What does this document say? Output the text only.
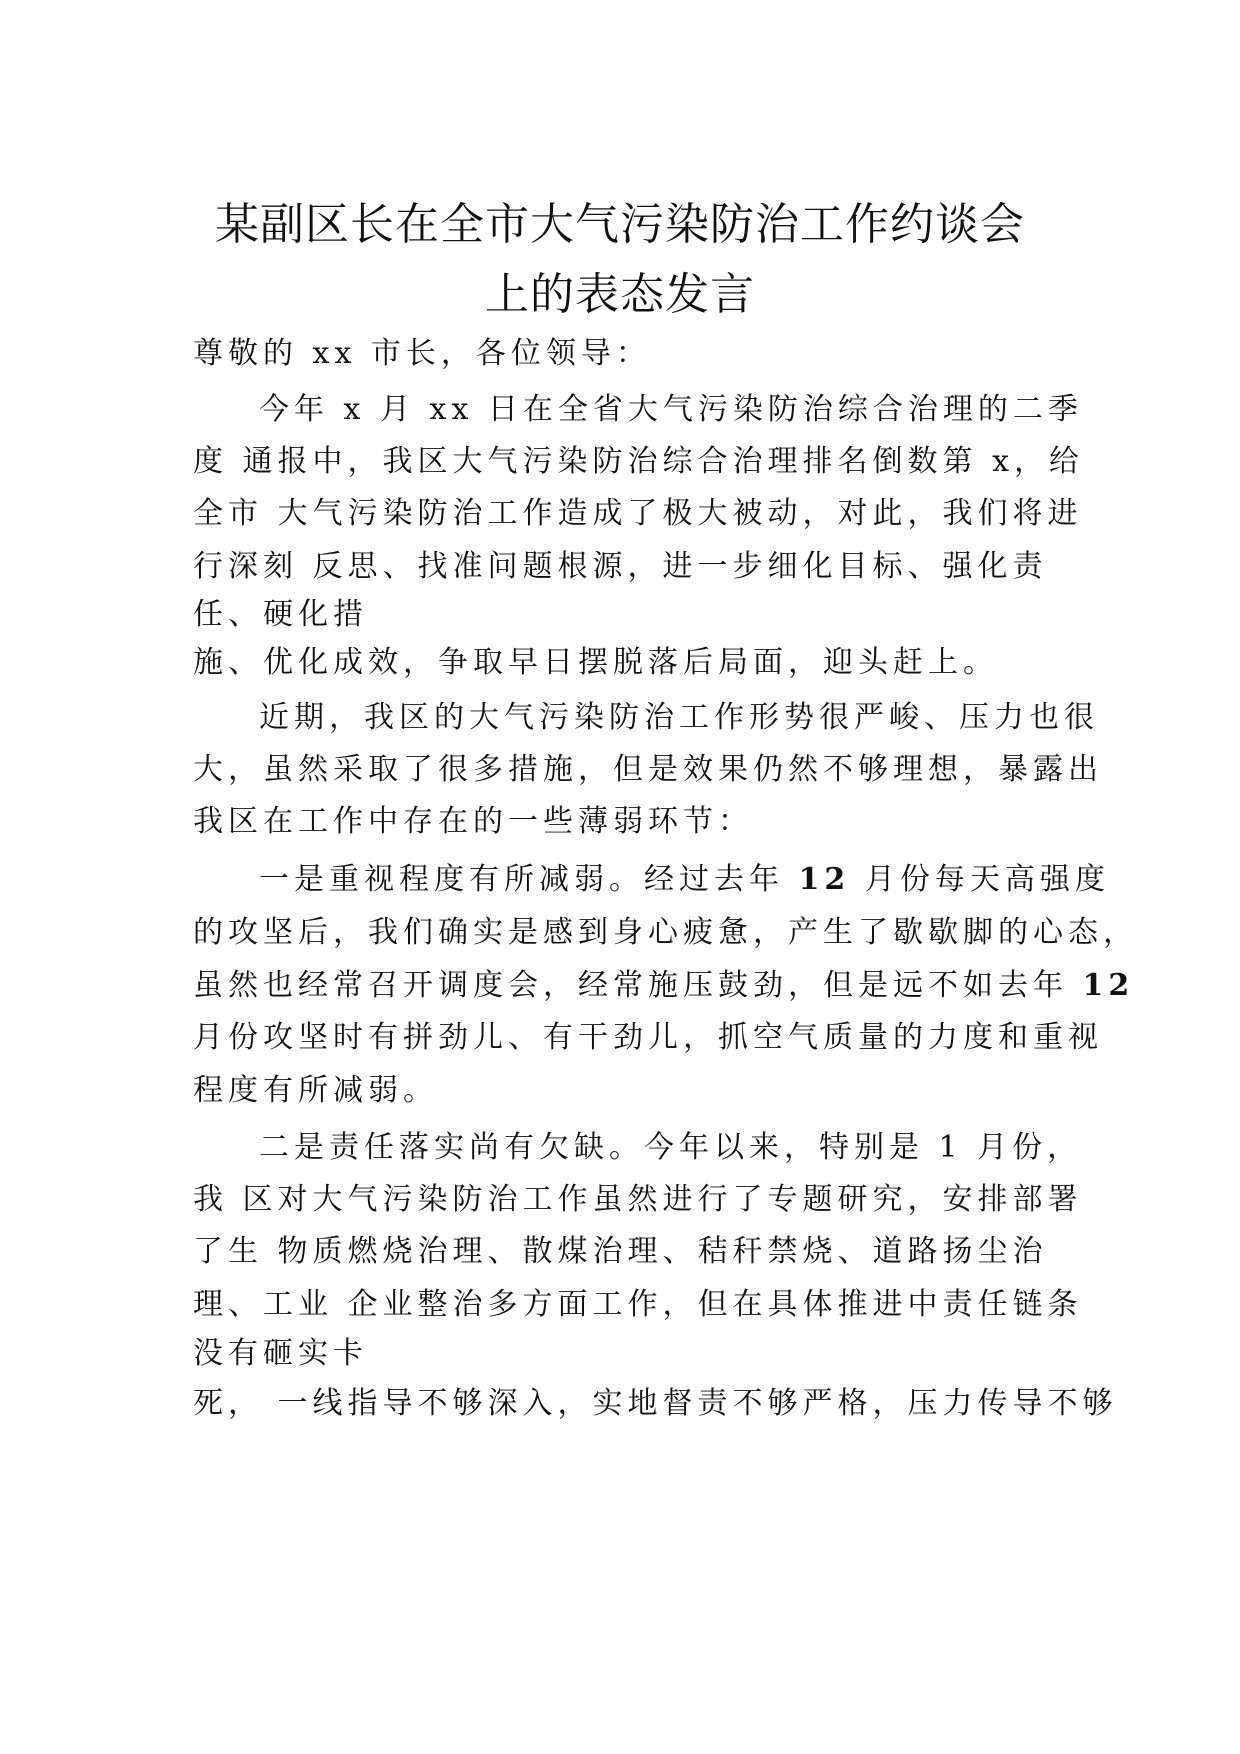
某副区长在全市大气污染防治工作约谈会
上的表态发言
尊敬的 xx 市长，各位领导：
今年 x 月 xx 日在全省大气污染防治综合治理的二季
度 通报中，我区大气污染防治综合治理排名倒数第 x，给
全市 大气污染防治工作造成了极大被动，对此，我们将进
行深刻 反思、找准问题根源，进一步细化目标、强化责
任、硬化措
施、优化成效，争取早日摆脱落后局面，迎头赶上。
近期，我区的大气污染防治工作形势很严峻、压力也很
大，虽然采取了很多措施，但是效果仍然不够理想，暴露出
我区在工作中存在的一些薄弱环节：
一是重视程度有所减弱。经过去年 12 月份每天高强度
的攻坚后，我们确实是感到身心疲惫，产生了歇歇脚的心态，
虽然也经常召开调度会，经常施压鼓劲，但是远不如去年 12
月份攻坚时有拼劲儿、有干劲儿，抓空气质量的力度和重视
程度有所减弱。
二是责任落实尚有欠缺。今年以来，特别是 1 月份，
我 区对大气污染防治工作虽然进行了专题研究，安排部署
了生 物质燃烧治理、散煤治理、秸秆禁烧、道路扬尘治
理、工业 企业整治多方面工作，但在具体推进中责任链条
没有砸实卡
死， 一线指导不够深入，实地督责不够严格，压力传导不够
